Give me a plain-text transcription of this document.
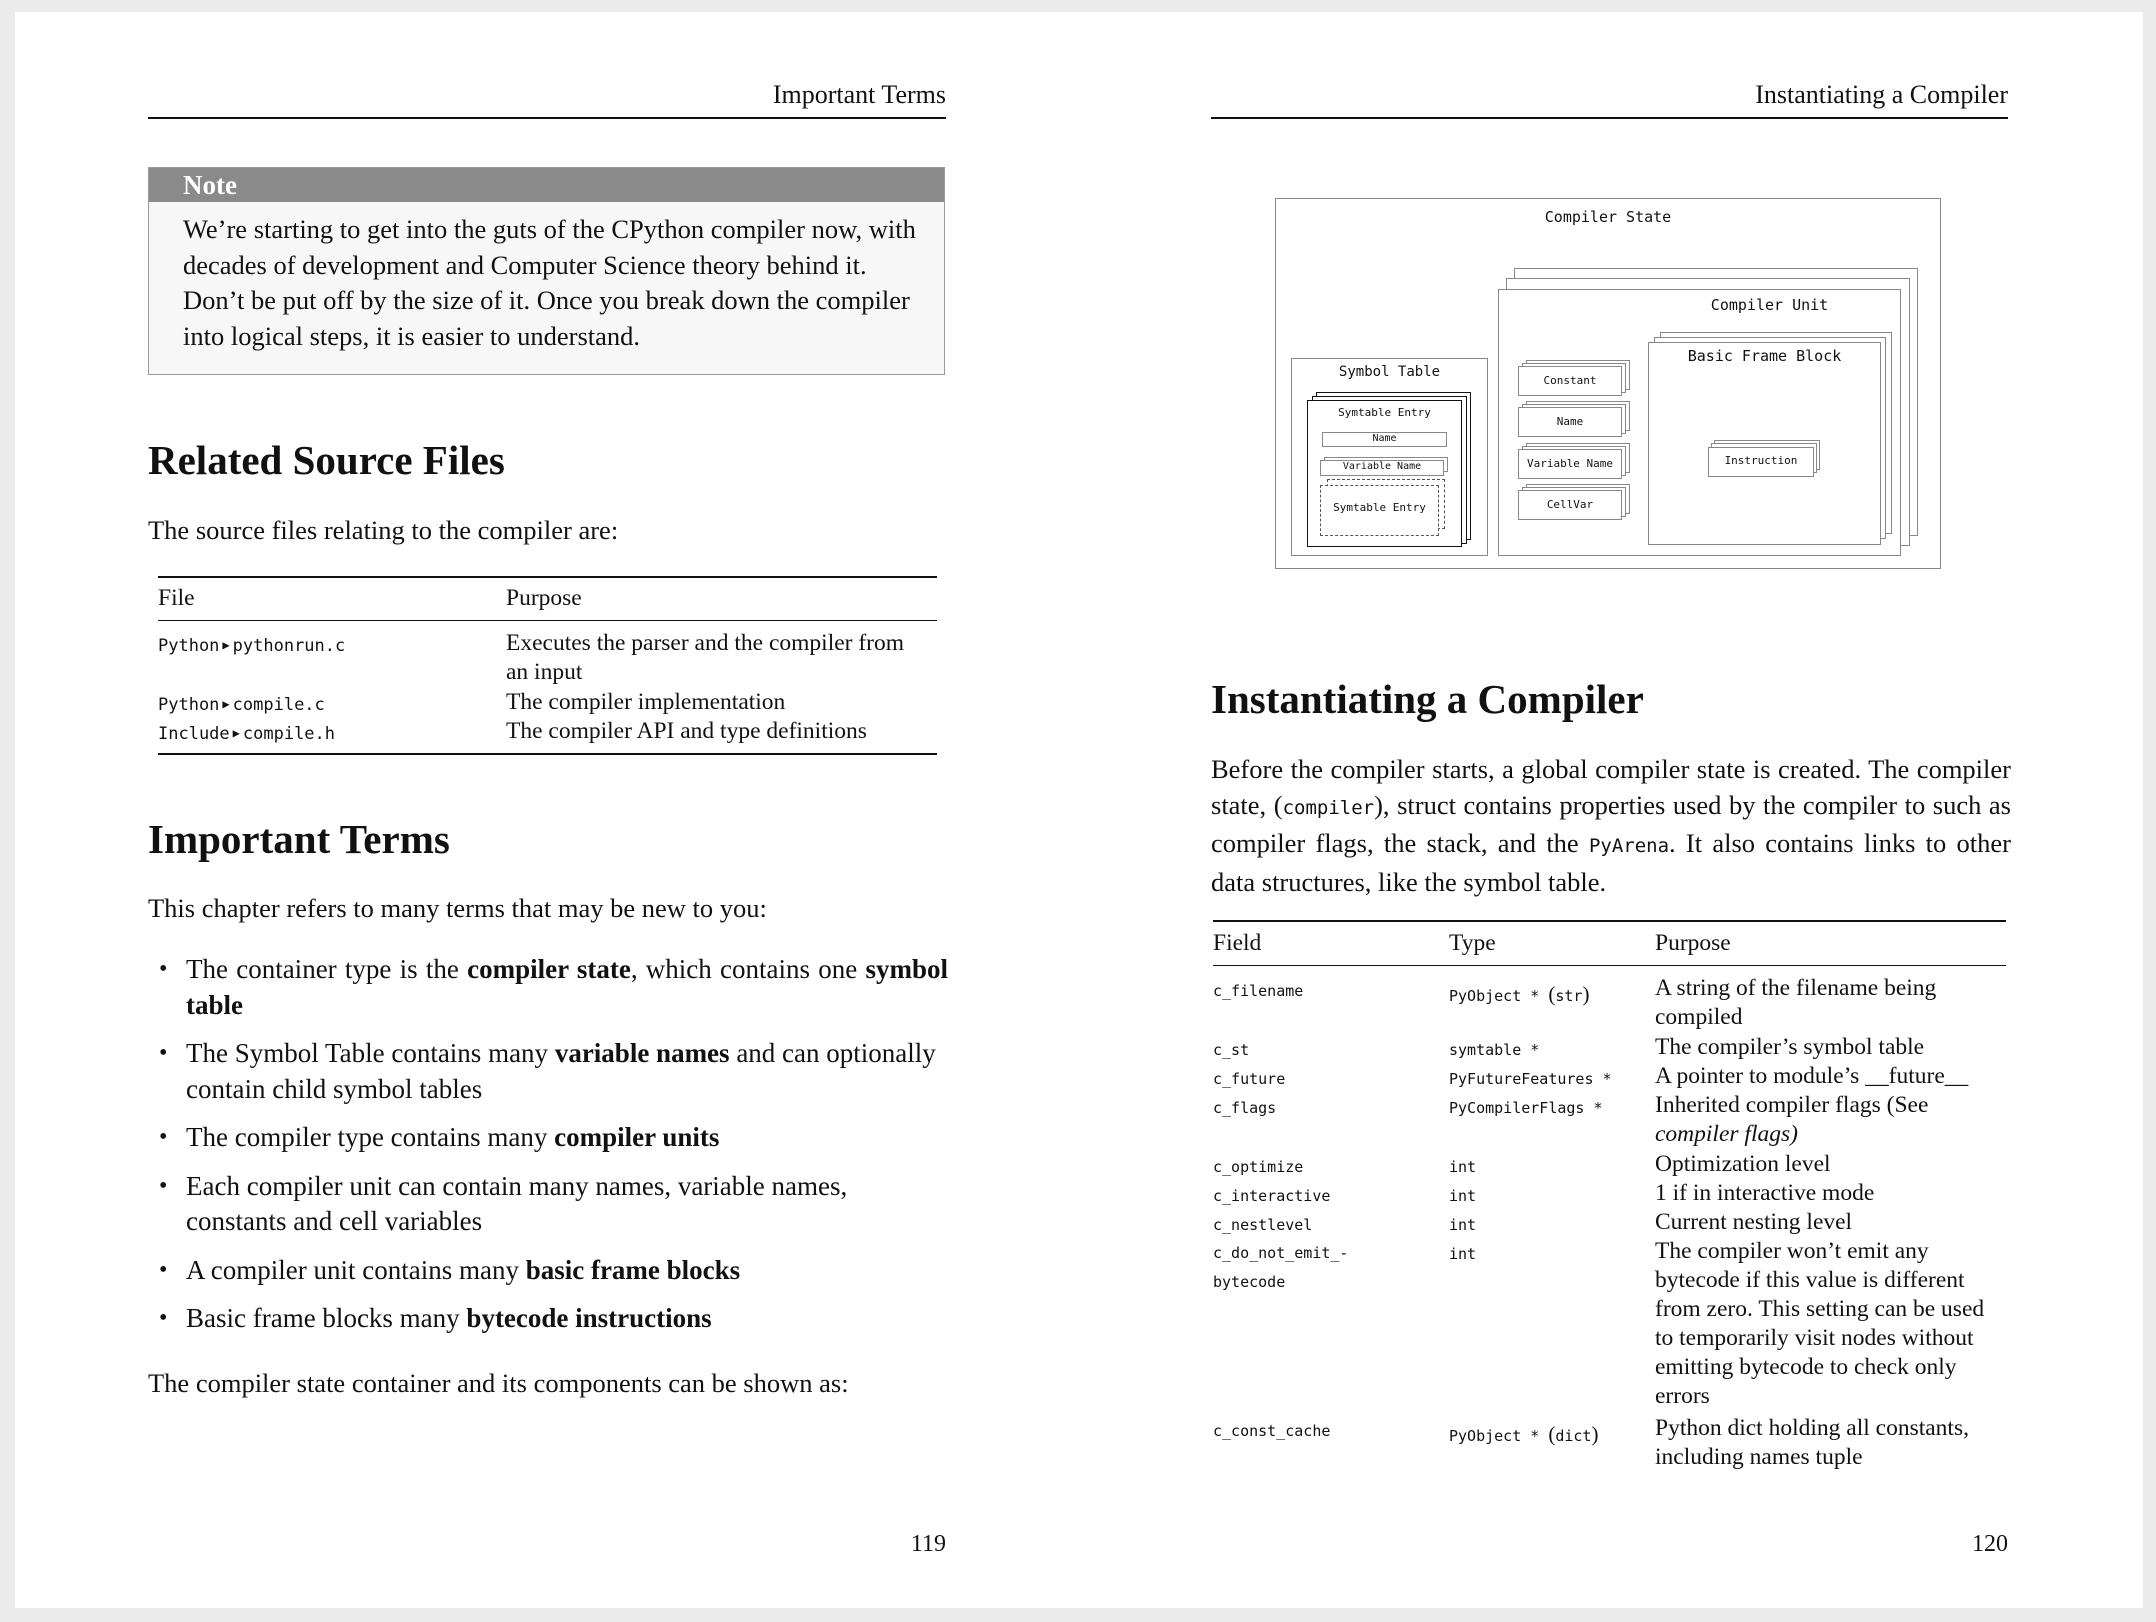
Important Terms
Note
We’re starting to get into the guts of the CPython compiler now, with decades of development and Computer Science theory behind it. Don’t be put off by the size of it. Once you break down the compiler into logical steps, it is easier to understand.
Related Source Files
The source files relating to the compiler are:
File	Purpose
Python ▶ pythonrun.c	Executes the parser and the compiler from
an input
Python ▶ compile.c	The compiler implementation
Include ▶ compile.h	The compiler API and type definitions
Important Terms
This chapter refers to many terms that may be new to you:
• The container type is the compiler state, which contains one symbol table
• The Symbol Table contains many variable names and can optionally contain child symbol tables
• The compiler type contains many compiler units
• Each compiler unit can contain many names, variable names, constants and cell variables
• A compiler unit contains many basic frame blocks
• Basic frame blocks many bytecode instructions
The compiler state container and its components can be shown as:
119
Instantiating a Compiler
Compiler State
Compiler Unit
Basic Frame Block
Instruction
Constant
Name
Variable Name
CellVar
Symbol Table
Symtable Entry
Name
Variable Name
Symtable Entry
Instantiating a Compiler
Before the compiler starts, a global compiler state is created. The compiler state, (compiler), struct contains properties used by the compiler to such as compiler flags, the stack, and the PyArena. It also contains links to other data structures, like the symbol table.
Field	Type	Purpose
c_filename	PyObject * (str)	A string of the filename being
compiled
c_st	symtable *	The compiler’s symbol table
c_future	PyFutureFeatures * A pointer to module’s __future__
c_flags	PyCompilerFlags * Inherited compiler flags (See
compiler flags)
c_optimize	int	Optimization level
c_interactive	int	1 if in interactive mode
c_nestlevel	int	Current nesting level
c_do_not_emit_-
bytecode
int	The compiler won’t emit any
bytecode if this value is different
from zero. This setting can be used
to temporarily visit nodes without
emitting bytecode to check only
errors
c_const_cache	PyObject * (dict) Python dict holding all constants,
including names tuple
120
